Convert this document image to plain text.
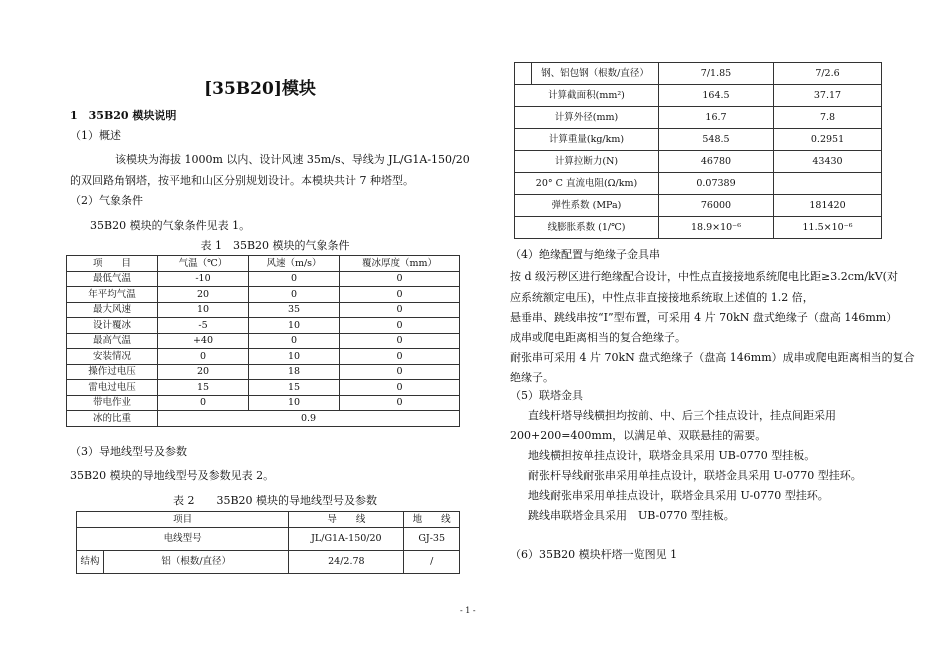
[35B20]模块
1　35B20 模块说明
（1）概述
该模块为海拔 1000m 以内、设计风速 35m/s、导线为 JL/G1A-150/20
的双回路角钢塔，按平地和山区分别规划设计。本模块共计 7 种塔型。
（2）气象条件
35B20 模块的气象条件见表 1。
表 1　35B20 模块的气象条件
项　　目	气温（℃）	风速（m/s）	覆冰厚度（mm）
最低气温	-10	0	0
年平均气温	20	0	0
最大风速	10	35	0
设计覆冰	-5	10	0
最高气温	+40	0	0
安装情况	0	10	0
操作过电压	20	18	0
雷电过电压	15	15	0
带电作业	0	10	0
冰的比重	0.9		
（3）导地线型号及参数
35B20 模块的导地线型号及参数见表 2。
表 2　　35B20 模块的导地线型号及参数
项目		导　　线	地　　线
电线型号		JL/G1A-150/20	GJ-35
结构	铝（根数/直径）	24/2.78	/
	钢、铝包钢（根数/直径）	7/1.85	7/2.6
计算截面积(mm²)		164.5	37.17
计算外径(mm)		16.7	7.8
计算重量(kg/km)		548.5	0.2951
计算拉断力(N)		46780	43430
20° C 直流电阻(Ω/km)		0.07389	
弹性系数 (MPa)		76000	181420
线膨胀系数 (1/℃)		18.9×10⁻⁶	11.5×10⁻⁶
（4）绝缘配置与绝缘子金具串
按 d 级污秽区进行绝缘配合设计，中性点直接接地系统爬电比距≥3.2cm/kV(对
应系统额定电压)，中性点非直接接地系统取上述值的 1.2 倍，
悬垂串、跳线串按“I”型布置，可采用 4 片 70kN 盘式绝缘子（盘高 146mm）
成串或爬电距离相当的复合绝缘子。
耐张串可采用 4 片 70kN 盘式绝缘子（盘高 146mm）成串或爬电距离相当的复合
绝缘子。
（5）联塔金具
直线杆塔导线横担均按前、中、后三个挂点设计，挂点间距采用
200+200=400mm，以满足单、双联悬挂的需要。
地线横担按单挂点设计，联塔金具采用 UB-0770 型挂板。
耐张杆导线耐张串采用单挂点设计，联塔金具采用 U-0770 型挂环。
地线耐张串采用单挂点设计，联塔金具采用 U-0770 型挂环。
跳线串联塔金具采用　UB-0770 型挂板。
（6）35B20 模块杆塔一览图见 1
- 1 -
